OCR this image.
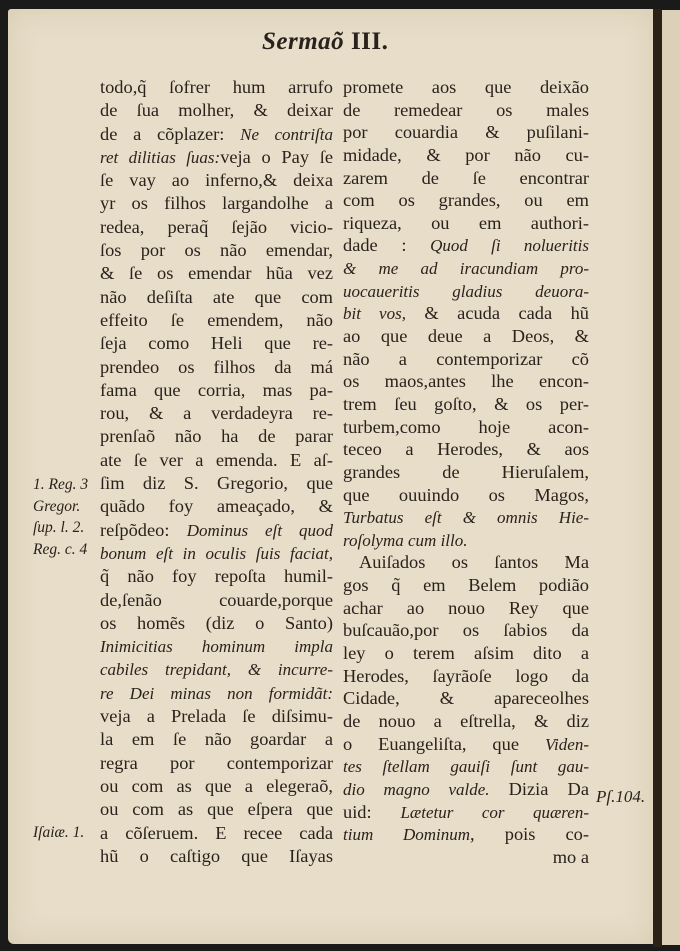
Sermaõ III.
todo,q̃ ſofrer hum arrufo
de ſua molher, & deixar
de a cõplazer: Ne contriſta
ret dilitias ſuas:veja o Pay ſe
ſe vay ao inferno,& deixa
yr os filhos largandolhe a
redea, peraq̃ ſejão vicio-
ſos por os não emendar,
& ſe os emendar hũa vez
não deſiſta ate que com
effeito ſe emendem, não
ſeja como Heli que re-
prendeo os filhos da má
fama que corria, mas pa-
rou, & a verdadeyra re-
prenſaõ não ha de parar
ate ſe ver a emenda. E aſ-
ſim diz S. Gregorio, que
quãdo foy ameaçado, &
reſpõdeo: Dominus eſt quod
bonum eſt in oculis ſuis faciat,
q̃ não foy repoſta humil-
de,ſenão couarde,porque
os homẽs (diz o Santo)
Inimicitias hominum impla
cabiles trepidant, & incurre-
re Dei minas non formidãt:
veja a Prelada ſe diſsimu-
la em ſe não goardar a
regra por contemporizar
ou com as que a elegeraõ,
ou com as que eſpera que
a cõſeruem. E recee cada
hũ o caſtigo que Iſayas
promete aos que deixão
de remedear os males
por couardia & puſilani-
midade, & por não cu-
zarem de ſe encontrar
com os grandes, ou em
riqueza, ou em authori-
dade : Quod ſi nolueritis
& me ad iracundiam pro-
uocaueritis gladius deuora-
bit vos, & acuda cada hũ
ao que deue a Deos, &
não a contemporizar cõ
os maos,antes lhe encon-
trem ſeu goſto, & os per-
turbem,como hoje acon-
teceo a Herodes, & aos
grandes de Hieruſalem,
que ouuindo os Magos,
Turbatus eſt & omnis Hie-
roſolyma cum illo.
Auiſados os ſantos Ma
gos q̃ em Belem podião
achar ao nouo Rey que
buſcauão,por os ſabios da
ley o terem aſsim dito a
Herodes, ſayrãoſe logo da
Cidade, & apareceolhes
de nouo a eſtrella, & diz
o Euangeliſta, que Viden-
tes ſtellam gauiſi ſunt gau-
dio magno valde. Dizia Da
uid: Lætetur cor quæren-
tium Dominum, pois co-
mo a
1. Reg. 3
Gregor.
ſup. l. 2.
Reg. c. 4
Iſaiæ. 1.
Pſ.104.
